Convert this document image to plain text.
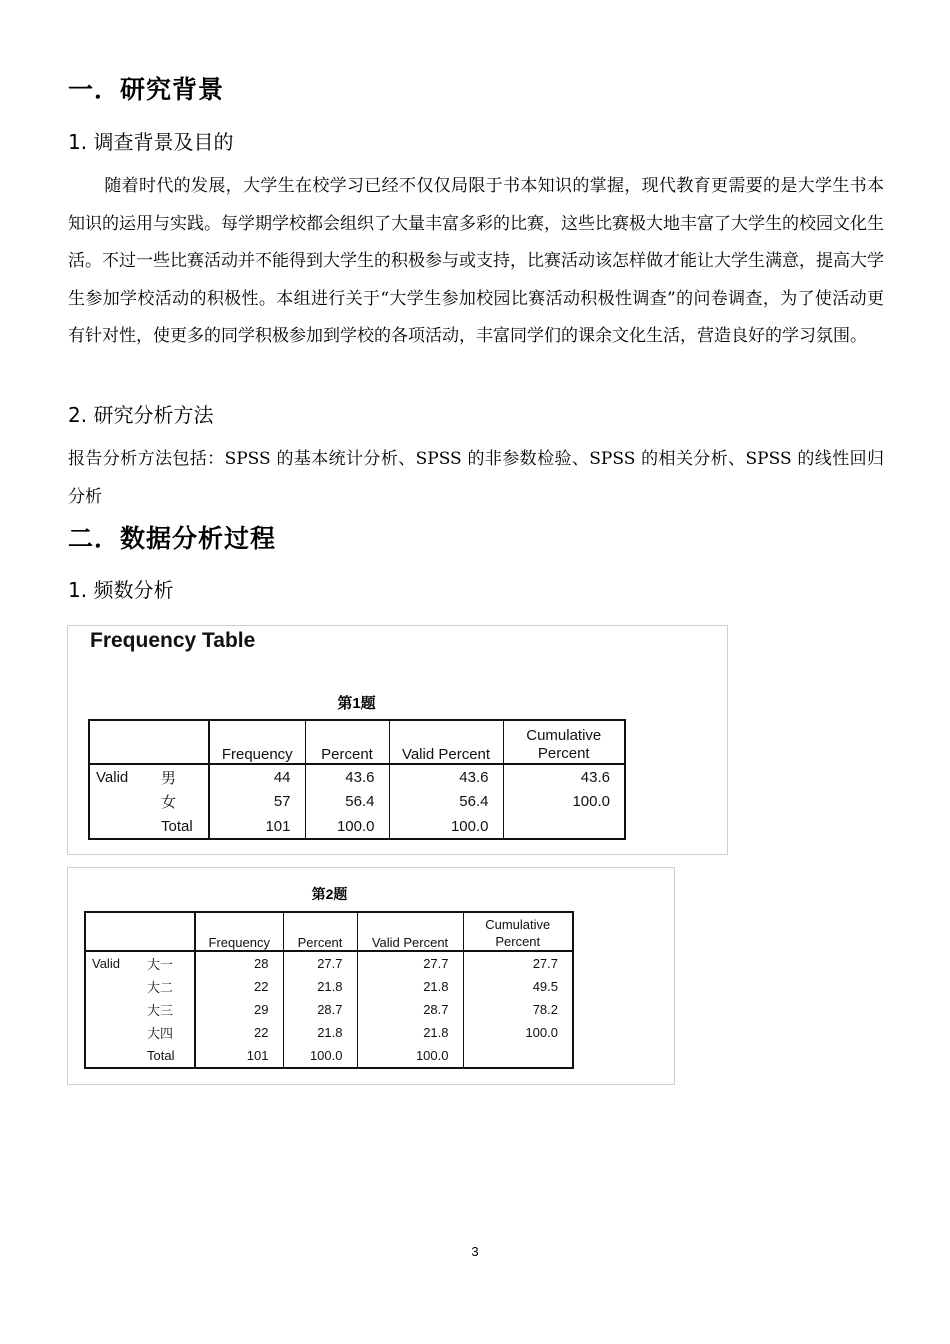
一．研究背景
1. 调查背景及目的
随着时代的发展，大学生在校学习已经不仅仅局限于书本知识的掌握，现代教育更需要的是大学生书本知识的运用与实践。每学期学校都会组织了大量丰富多彩的比赛，这些比赛极大地丰富了大学生的校园文化生活。不过一些比赛活动并不能得到大学生的积极参与或支持，比赛活动该怎样做才能让大学生满意，提高大学生参加学校活动的积极性。本组进行关于“大学生参加校园比赛活动积极性调查”的问卷调查，为了使活动更有针对性，使更多的同学积极参加到学校的各项活动，丰富同学们的课余文化生活，营造良好的学习氛围。
2. 研究分析方法
报告分析方法包括：SPSS 的基本统计分析、SPSS 的非参数检验、SPSS 的相关分析、SPSS 的线性回归分析
二．数据分析过程
1. 频数分析
Frequency Table
第1题
		Frequency	Percent	Valid Percent	Cumulative Percent
Valid	男	44	43.6	43.6	43.6
	女	57	56.4	56.4	100.0
	Total	101	100.0	100.0	
第2题
		Frequency	Percent	Valid Percent	Cumulative Percent
Valid	大一	28	27.7	27.7	27.7
	大二	22	21.8	21.8	49.5
	大三	29	28.7	28.7	78.2
	大四	22	21.8	21.8	100.0
	Total	101	100.0	100.0	
3
